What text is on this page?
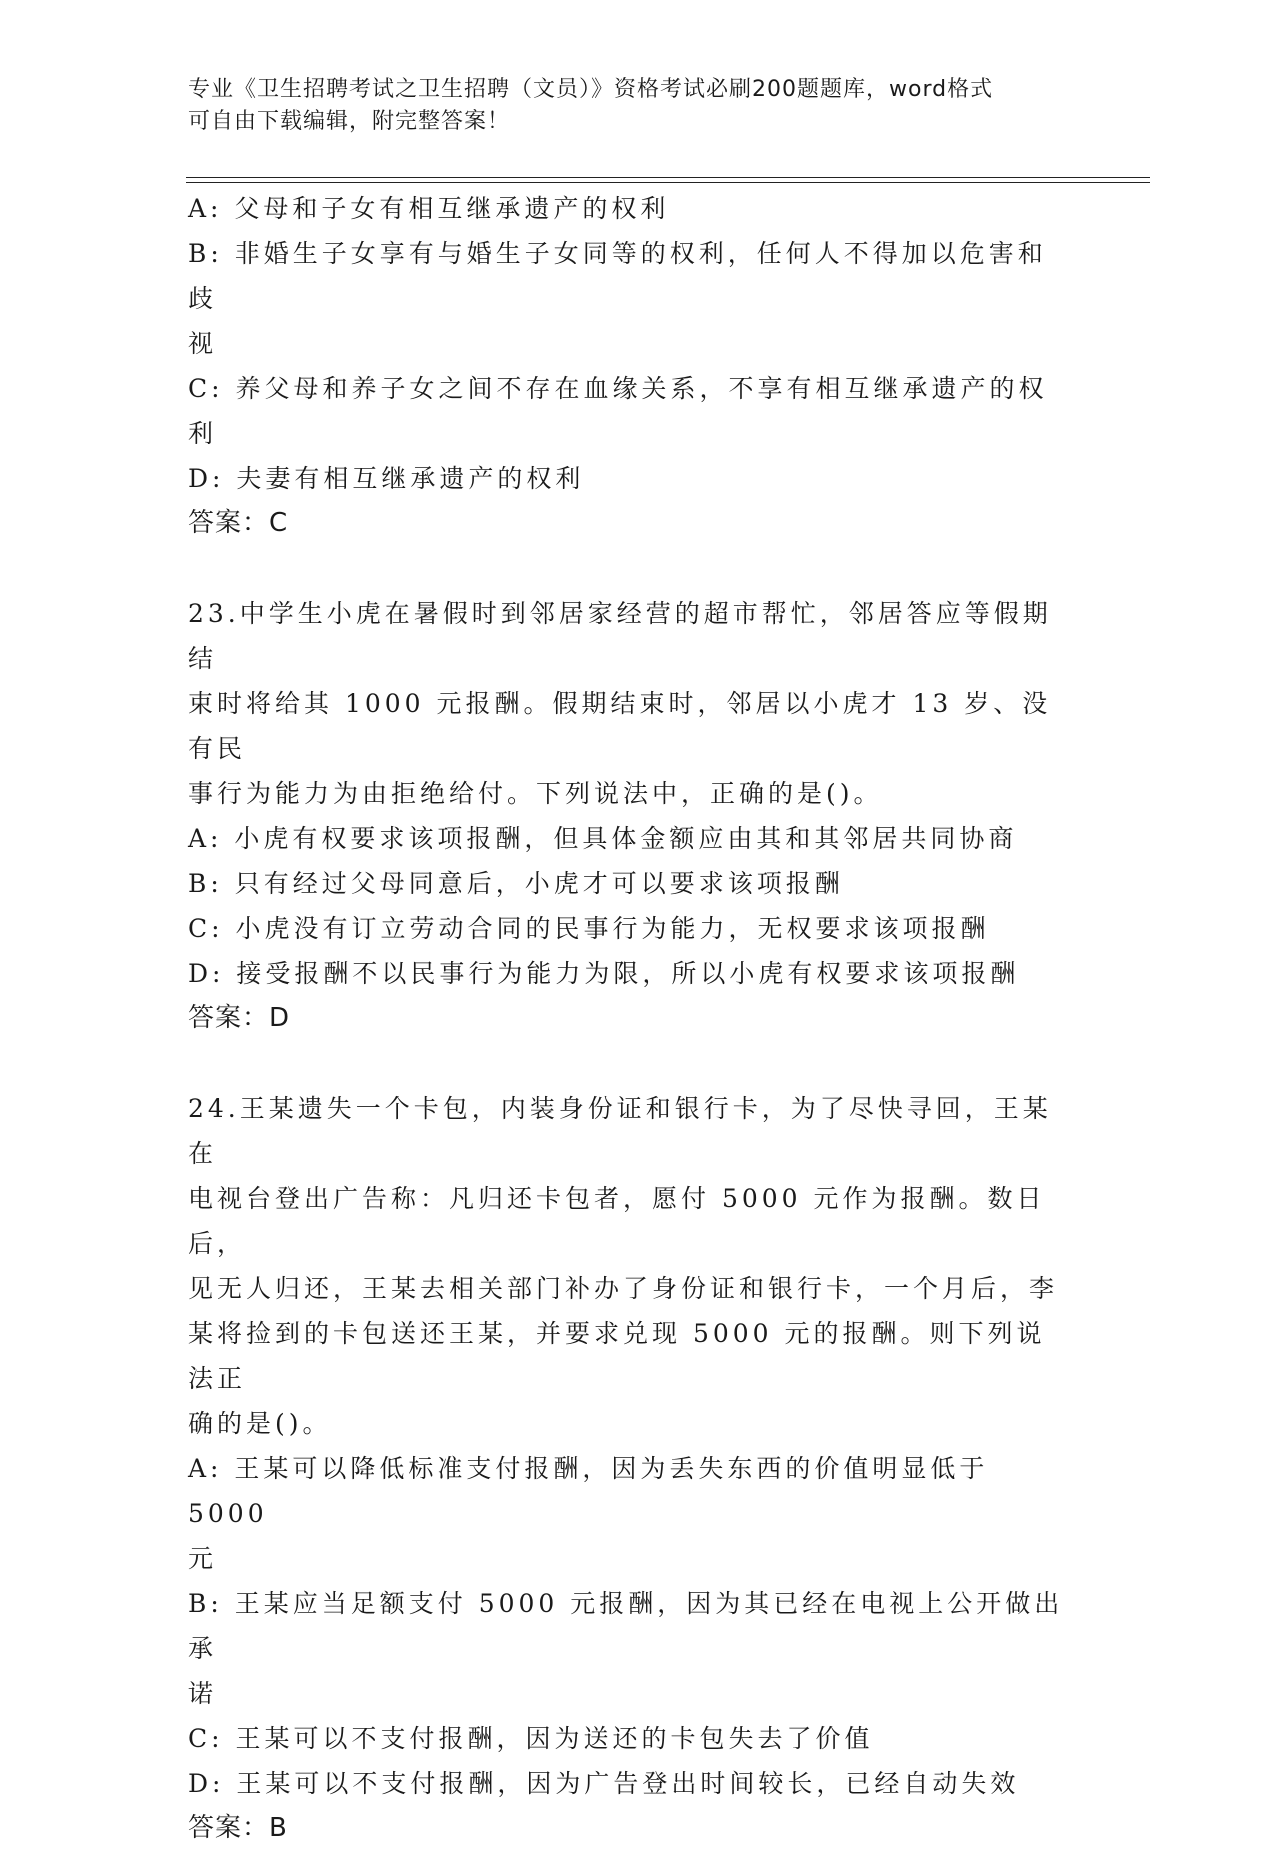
专业《卫生招聘考试之卫生招聘（文员）》资格考试必刷200题题库，word格式
可自由下载编辑，附完整答案！

A: 父母和子女有相互继承遗产的权利

B: 非婚生子女享有与婚生子女同等的权利，任何人不得加以危害和歧

视

C: 养父母和养子女之间不存在血缘关系，不享有相互继承遗产的权利

D: 夫妻有相互继承遗产的权利

答案：C

23.中学生小虎在暑假时到邻居家经营的超市帮忙，邻居答应等假期结

束时将给其 1000 元报酬。假期结束时，邻居以小虎才 13 岁、没有民

事行为能力为由拒绝给付。下列说法中，正确的是()。

A: 小虎有权要求该项报酬，但具体金额应由其和其邻居共同协商

B: 只有经过父母同意后，小虎才可以要求该项报酬

C: 小虎没有订立劳动合同的民事行为能力，无权要求该项报酬

D: 接受报酬不以民事行为能力为限，所以小虎有权要求该项报酬

答案：D

24.王某遗失一个卡包，内装身份证和银行卡，为了尽快寻回，王某在

电视台登出广告称：凡归还卡包者，愿付 5000 元作为报酬。数日后，

见无人归还，王某去相关部门补办了身份证和银行卡，一个月后，李

某将捡到的卡包送还王某，并要求兑现 5000 元的报酬。则下列说法正

确的是()。

A: 王某可以降低标准支付报酬，因为丢失东西的价值明显低于 5000

元

B: 王某应当足额支付 5000 元报酬，因为其已经在电视上公开做出承

诺

C: 王某可以不支付报酬，因为送还的卡包失去了价值

D: 王某可以不支付报酬，因为广告登出时间较长，已经自动失效

答案：B
